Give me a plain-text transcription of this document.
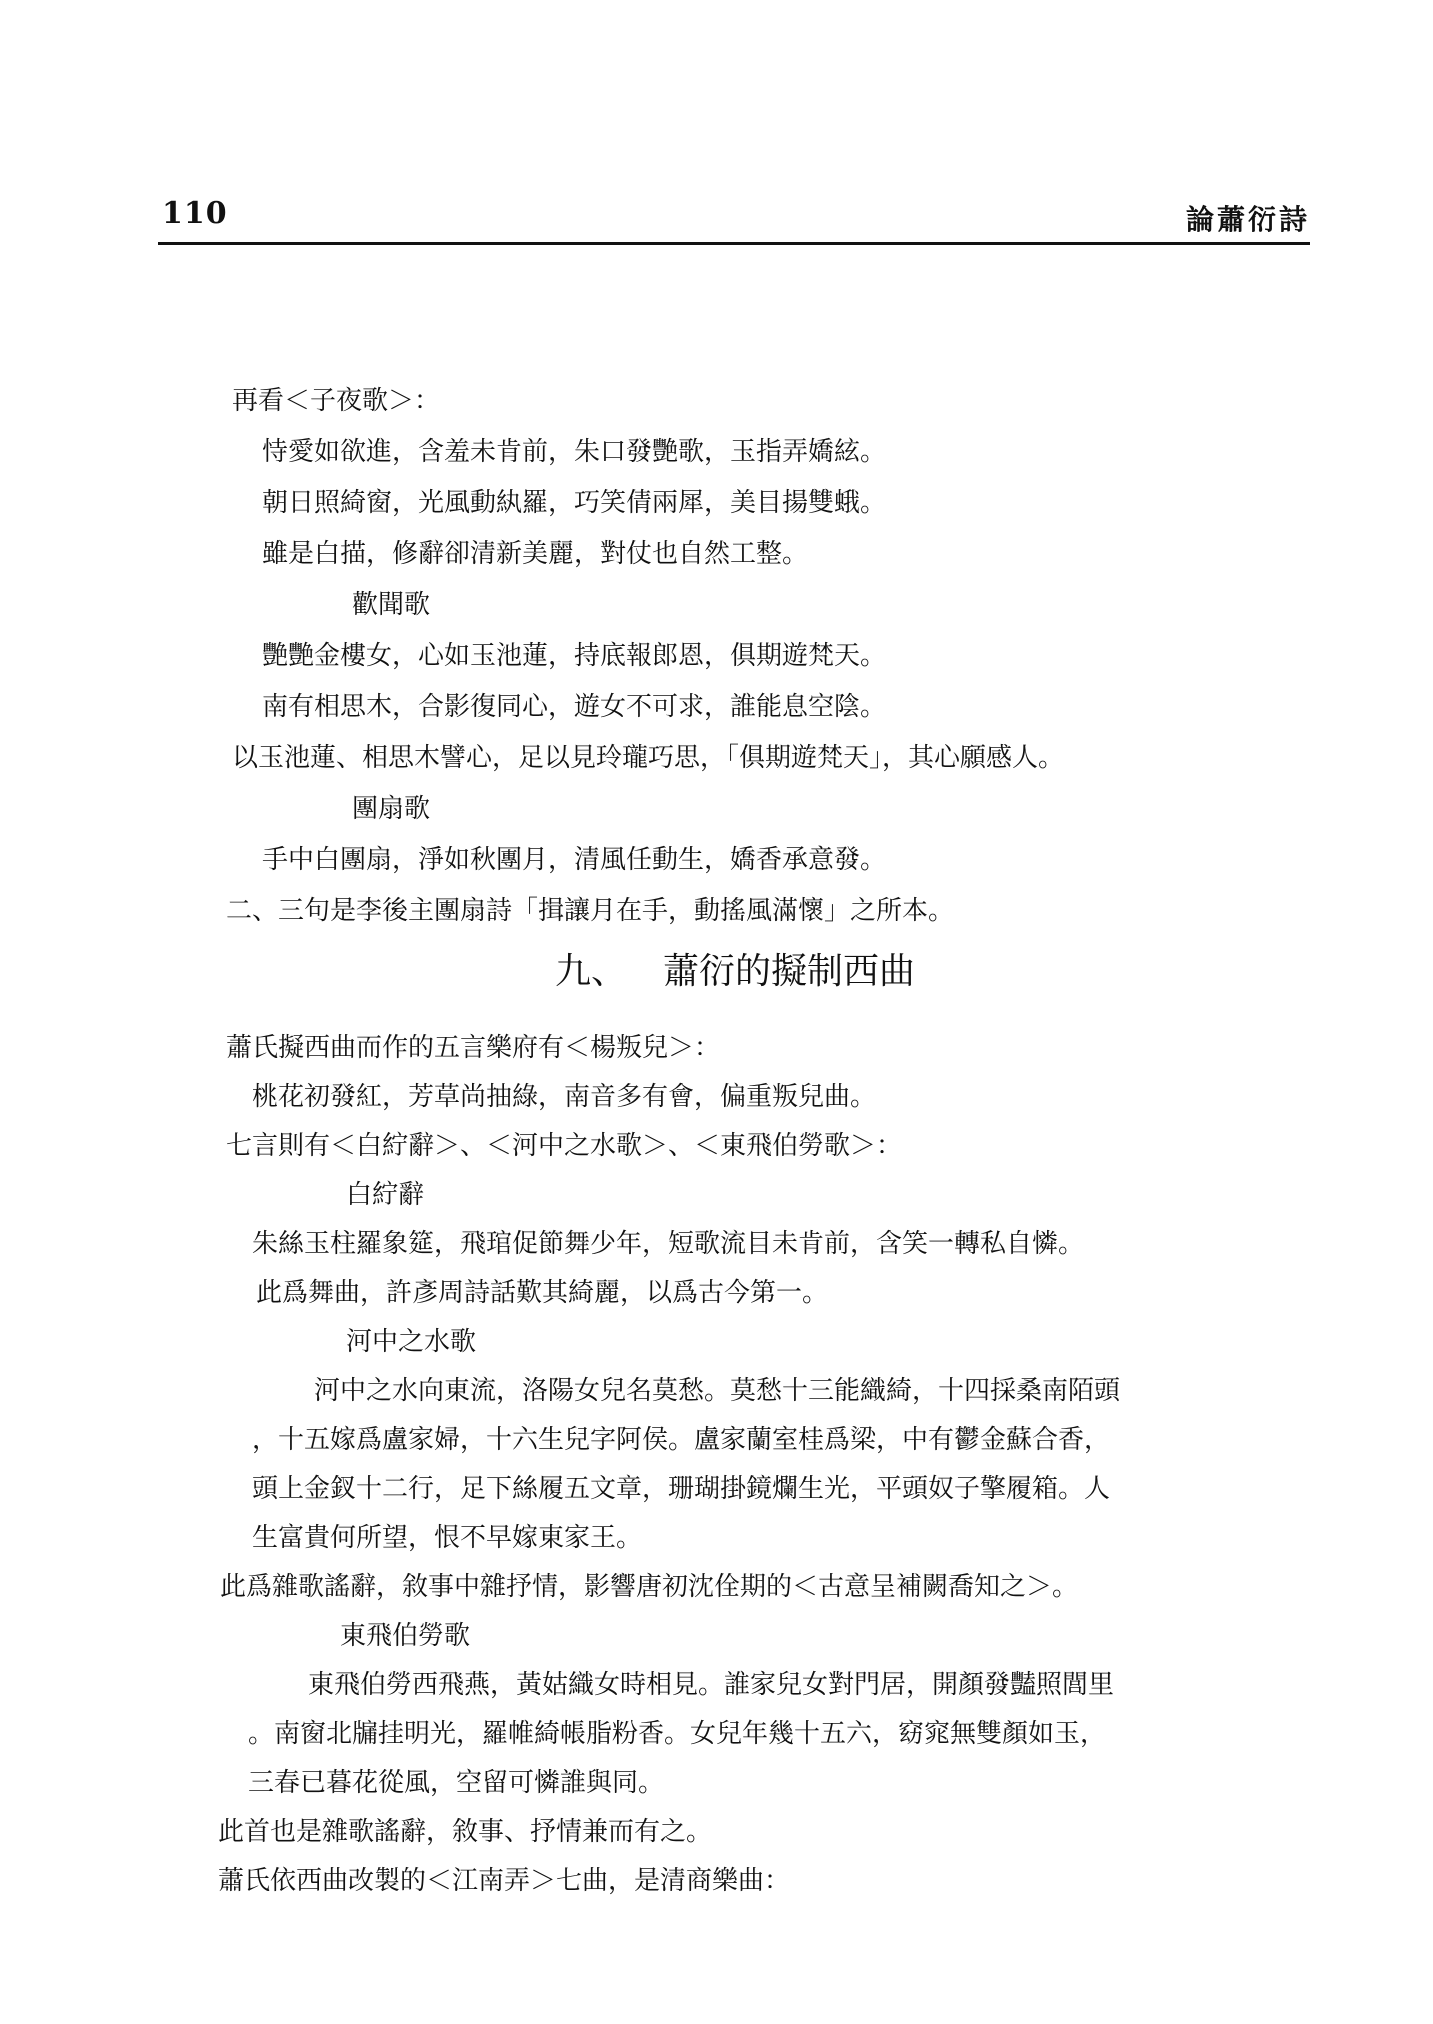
110	論蕭衍詩
再看＜子夜歌＞：
恃愛如欲進，含羞未肯前，朱口發艷歌，玉指弄嬌絃。
朝日照綺窗，光風動紈羅，巧笑倩兩犀，美目揚雙蛾。
雖是白描，修辭卻清新美麗，對仗也自然工整。
歡聞歌
艷艷金樓女，心如玉池蓮，持底報郎恩，俱期遊梵天。
南有相思木，合影復同心，遊女不可求，誰能息空陰。
以玉池蓮、相思木譬心，足以見玲瓏巧思，「俱期遊梵天」，其心願感人。
團扇歌
手中白團扇，淨如秋團月，清風任動生，嬌香承意發。
二、三句是李後主團扇詩「揖讓月在手，動搖風滿懷」之所本。
九、 蕭衍的擬制西曲
蕭氏擬西曲而作的五言樂府有＜楊叛兒＞：
桃花初發紅，芳草尚抽綠，南音多有會，偏重叛兒曲。
七言則有＜白紵辭＞、＜河中之水歌＞、＜東飛伯勞歌＞：
白紵辭
朱絲玉柱羅象筵，飛琯促節舞少年，短歌流目未肯前，含笑一轉私自憐。
此爲舞曲，許彥周詩話歎其綺麗，以爲古今第一。
河中之水歌
河中之水向東流，洛陽女兒名莫愁。莫愁十三能織綺，十四採桑南陌頭
，十五嫁爲盧家婦，十六生兒字阿侯。盧家蘭室桂爲梁，中有鬱金蘇合香，
頭上金釵十二行，足下絲履五文章，珊瑚掛鏡爛生光，平頭奴子擎履箱。人
生富貴何所望，恨不早嫁東家王。
此爲雜歌謠辭，敘事中雜抒情，影響唐初沈佺期的＜古意呈補闕喬知之＞。
東飛伯勞歌
東飛伯勞西飛燕，黃姑織女時相見。誰家兒女對門居，開顏發豔照閭里
。南窗北牖挂明光，羅帷綺帳脂粉香。女兒年幾十五六，窈窕無雙顏如玉，
三春已暮花從風，空留可憐誰與同。
此首也是雜歌謠辭，敘事、抒情兼而有之。
蕭氏依西曲改製的＜江南弄＞七曲，是清商樂曲：
